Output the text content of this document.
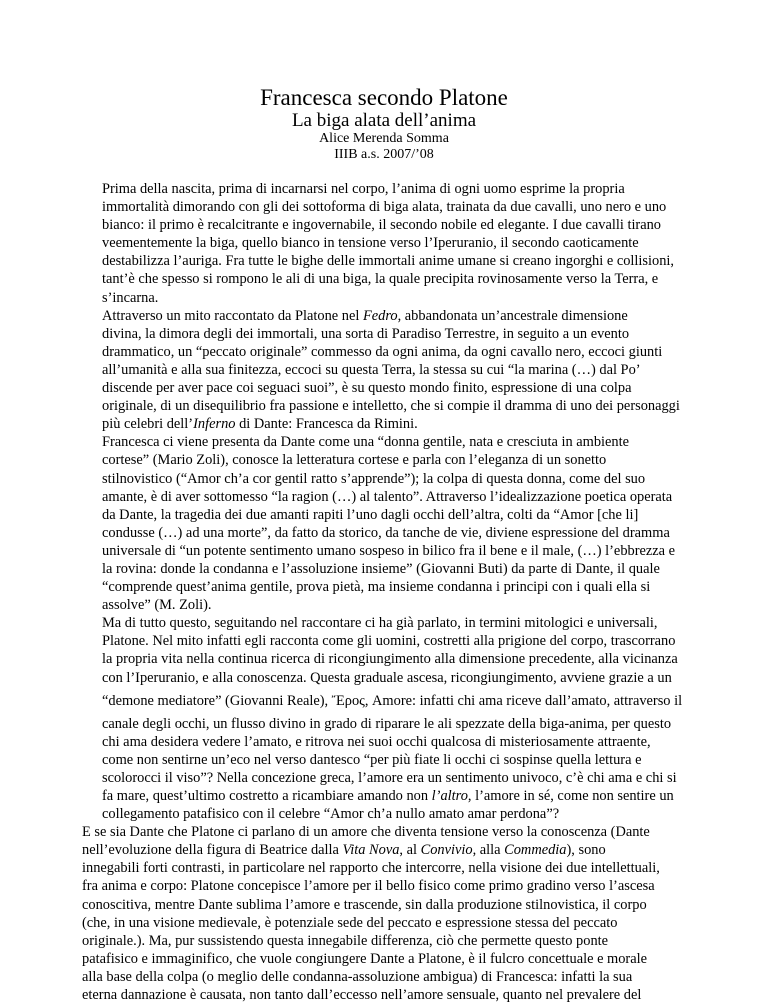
Francesca secondo Platone
La biga alata dell’anima
Alice Merenda Somma
IIIB a.s. 2007/’08

Prima della nascita, prima di incarnarsi nel corpo, l’anima di ogni uomo esprime la propria
immortalità dimorando con gli dei sottoforma di biga alata, trainata da due cavalli, uno nero e uno
bianco: il primo è recalcitrante e ingovernabile, il secondo nobile ed elegante. I due cavalli tirano
veementemente la biga, quello bianco in tensione verso l’Iperuranio, il secondo caoticamente
destabilizza l’auriga. Fra tutte le bighe delle immortali anime umane si creano ingorghi e collisioni,
tant’è che spesso si rompono le ali di una biga, la quale precipita rovinosamente verso la Terra, e
s’incarna.

Attraverso un mito raccontato da Platone nel Fedro, abbandonata un’ancestrale dimensione
divina, la dimora degli dei immortali, una sorta di Paradiso Terrestre, in seguito a un evento
drammatico, un “peccato originale” commesso da ogni anima, da ogni cavallo nero, eccoci giunti
all’umanità e alla sua finitezza, eccoci su questa Terra, la stessa su cui “la marina (…) dal Po’
discende per aver pace coi seguaci suoi”, è su questo mondo finito, espressione di una colpa
originale, di un disequilibrio fra passione e intelletto, che si compie il dramma di uno dei personaggi
più celebri dell’Inferno di Dante: Francesca da Rimini.

Francesca ci viene presenta da Dante come una “donna gentile, nata e cresciuta in ambiente
cortese” (Mario Zoli), conosce la letteratura cortese e parla con l’eleganza di un sonetto
stilnovistico (“Amor ch’a cor gentil ratto s’apprende”); la colpa di questa donna, come del suo
amante, è di aver sottomesso “la ragion (…) al talento”. Attraverso l’idealizzazione poetica operata
da Dante, la tragedia dei due amanti rapiti l’uno dagli occhi dell’altra, colti da “Amor [che li]
condusse (…) ad una morte”, da fatto da storico, da tanche de vie, diviene espressione del dramma
universale di “un potente sentimento umano sospeso in bilico fra il bene e il male, (…) l’ebbrezza e
la rovina: donde la condanna e l’assoluzione insieme” (Giovanni Buti) da parte di Dante, il quale
“comprende quest’anima gentile, prova pietà, ma insieme condanna i principi con i quali ella si
assolve” (M. Zoli).

Ma di tutto questo, seguitando nel raccontare ci ha già parlato, in termini mitologici e universali,
Platone. Nel mito infatti egli racconta come gli uomini, costretti alla prigione del corpo, trascorrano
la propria vita nella continua ricerca di ricongiungimento alla dimensione precedente, alla vicinanza
con l’Iperuranio, e alla conoscenza. Questa graduale ascesa, ricongiungimento, avviene grazie a un
“demone mediatore” (Giovanni Reale), Ἔρος, Amore: infatti chi ama riceve dall’amato, attraverso il
canale degli occhi, un flusso divino in grado di riparare le ali spezzate della biga-anima, per questo
chi ama desidera vedere l’amato, e ritrova nei suoi occhi qualcosa di misteriosamente attraente,
come non sentirne un’eco nel verso dantesco “per più fiate li occhi ci sospinse quella lettura e
scolorocci il viso”? Nella concezione greca, l’amore era un sentimento univoco, c’è chi ama e chi si
fa mare, quest’ultimo costretto a ricambiare amando non l’altro, l’amore in sé, come non sentire un
collegamento patafisico con il celebre “Amor ch’a nullo amato amar perdona”?

E se sia Dante che Platone ci parlano di un amore che diventa tensione verso la conoscenza (Dante
nell’evoluzione della figura di Beatrice dalla Vita Nova, al Convivio, alla Commedia), sono
innegabili forti contrasti, in particolare nel rapporto che intercorre, nella visione dei due intellettuali,
fra anima e corpo: Platone concepisce l’amore per il bello fisico come primo gradino verso l’ascesa
conoscitiva, mentre Dante sublima l’amore e trascende, sin dalla produzione stilnovistica, il corpo
(che, in una visione medievale, è potenziale sede del peccato e espressione stessa del peccato
originale.). Ma, pur sussistendo questa innegabile differenza, ciò che permette questo ponte
patafisico e immaginifico, che vuole congiungere Dante a Platone, è il fulcro concettuale e morale
alla base della colpa (o meglio delle condanna-assoluzione ambigua) di Francesca: infatti la sua
eterna dannazione è causata, non tanto dall’eccesso nell’amore sensuale, quanto nel prevalere del
